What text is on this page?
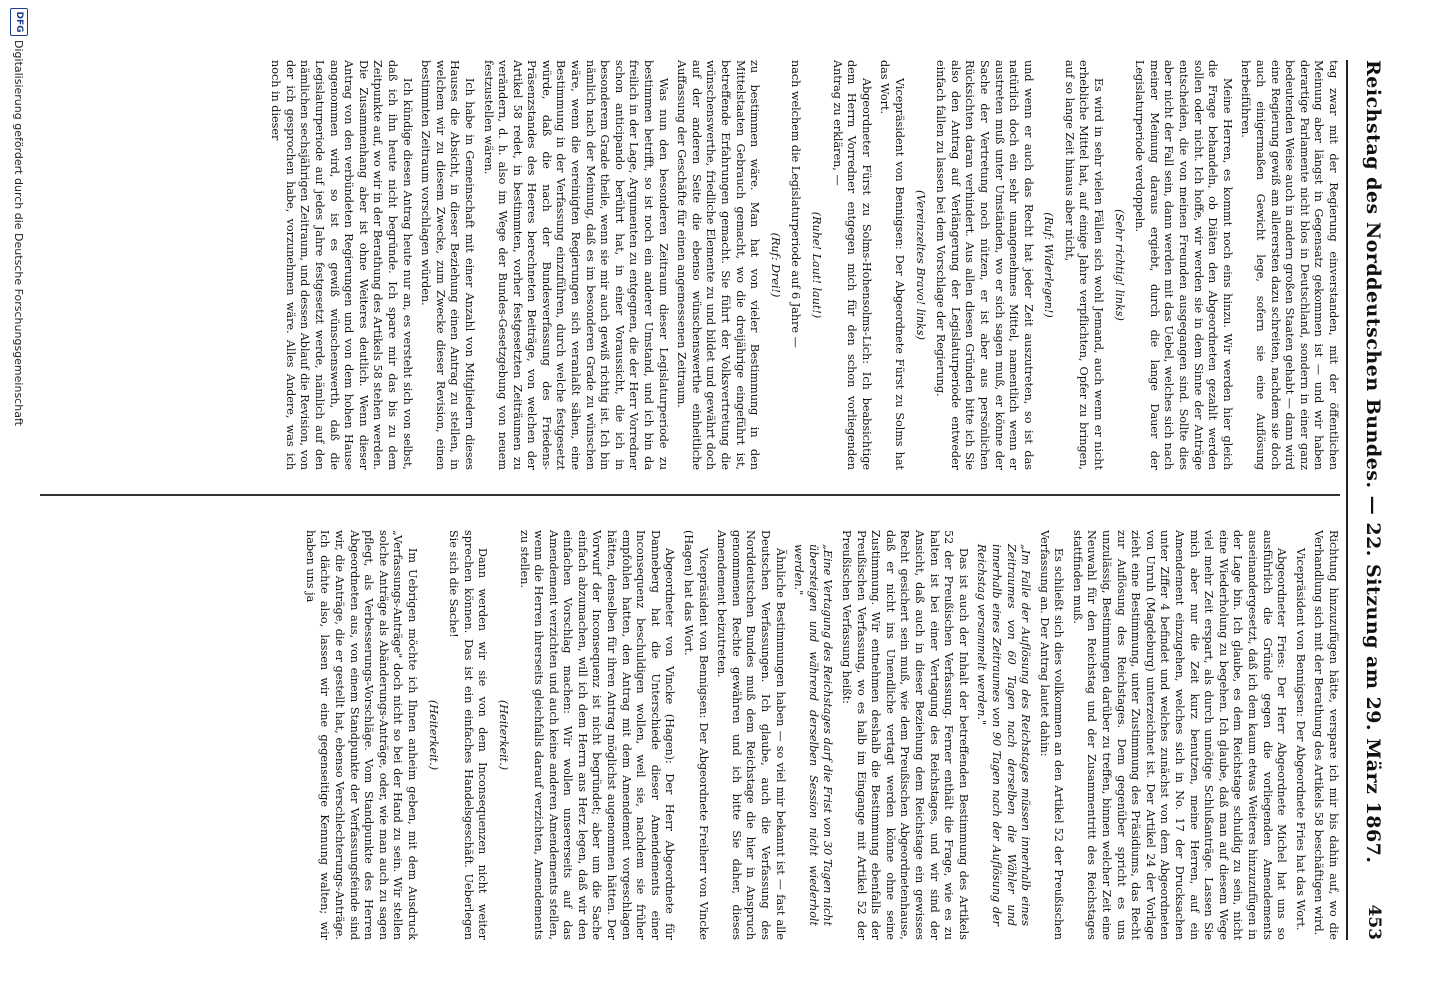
Reichstag des Norddeutschen Bundes. — 22. Sitzung am 29. März 1867.
453

tag zwar mit der Regierung einverstanden, mit der öffentlichen Meinung aber längst in Gegensatz gekommen ist — und wir haben derartige Parlamente nicht blos in Deutschland, sondern in einer ganz bedeutenden Weise auch in andern großen Staaten gehabt — dann wird eine Regierung gewiß am allerersten dazu schreiten, nachdem sie doch auch einigermaßen Gewicht lege, sofern sie eine Auflösung herbeiführen.

Meine Herren, es kommt noch eins hinzu. Wir werden hier gleich die Frage behandeln, ob Diäten den Abgeordneten gezahlt werden sollen oder nicht. Ich hoffe, wir werden sie in dem Sinne der Anträge entscheiden, die von meinen Freunden ausgegangen sind. Sollte dies aber nicht der Fall sein, dann werden mit das Uebel, welches sich nach meiner Meinung daraus ergiebt, durch die lange Dauer der Legislaturperiode verdoppeln.

(Sehr richtig! links)

Es wird in sehr vielen Fällen sich wohl Jemand, auch wenn er nicht erhebliche Mittel hat, auf einige Jahre verpflichten, Opfer zu bringen, auf so lange Zeit hinaus aber nicht,

(Ruf: Widerlegen!)

und wenn er auch das Recht hat jeder Zeit auszutreten, so ist das natürlich doch ein sehr unangenehmes Mittel, namentlich wenn er austreten muß unter Umständen, wo er sich sagen muß, er könne der Sache der Vertretung noch nützen, er ist aber aus persönlichen Rücksichten daran verhindert. Aus allen diesen Gründen bitte ich Sie also den Antrag auf Verlängerung der Legislaturperiode entweder einfach fallen zu lassen bei dem Vorschlage der Regierung.

(Vereinzeltes Bravo! links)

Vicepräsident von Bennigsen: Der Abgeordnete Fürst zu Solms hat das Wort.

Abgeordneter Fürst zu Solms-Hohensolms-Lich: Ich beabsichtige dem Herrn Vorredner entgegen mich für den schon vorliegenden Antrag zu erklären, —

(Ruhe! Laut! laut!)

nach welchem die Legislaturperiode auf 6 Jahre —

(Ruf: Drei!)

zu bestimmen wäre. Man hat von vieler Bestimmung in den Mittelstaaten Gebrauch gemacht, wo die dreijährige eingeführt ist, betreffende Erfahrungen gemacht. Sie führt der Volksvertretung die wünschenswerthe, friedliche Elemente zu und bildet und gewährt doch auf der anderen Seite die ebenso wünschenswerthe einheitliche Auffassung der Geschäfte für einen angemessenen Zeitraum.

Was nun den besonderen Zeitraum dieser Legislaturperiode zu bestimmen betrifft, so ist noch ein anderer Umstand, und ich bin da freilich in der Lage, Argumenten zu entgegnen, die der Herr Vorredner schon anticipando berührt hat, in einer Voraussicht, die ich in besonderem Grade theile, wenn sie mir auch gewiß richtig ist. Ich bin nämlich nach der Meinung, daß es im besonderen Grade zu wünschen wäre, wenn die vereinigten Regierungen sich veranlaßt sähen, eine Bestimmung in der Verfassung einzuführen, durch welche festgesetzt würde, daß die nach der Bundesverfassung des Friedens-Präsenzstandes des Heeres berechneten Beiträge, von welchen der Artikel 58 redet, in bestimmten, vorher festgesetzten Zeiträumen zu verändern, d. h. also im Wege der Bundes-Gesetzgebung von neuem festzustellen wären.

Ich habe in Gemeinschaft mit einer Anzahl von Mitgliedern dieses Hauses die Absicht, in dieser Beziehung einen Antrag zu stellen, in welchem wir zu diesem Zwecke, zum Zwecke dieser Revision, einen bestimmten Zeitraum vorschlagen würden.

Ich kündige diesen Antrag heute nur an, es versteht sich von selbst, daß ich ihn heute nicht begründe. Ich spare mir das bis zu dem Zeitpunkte auf, wo wir in der Berathung des Artikels 58 stehen werden. Die Zusammenhang aber ist ohne Weiteres deutlich. Wenn dieser Antrag von den verbündeten Regierungen und von dem hohen Hause angenommen wird, so ist es gewiß wünschenswerth, daß die Legislaturperiode auf jedes Jahre festgesetzt werde, nämlich auf den nämlichen sechsjährigen Zeitraum, und dessen Ablauf die Revision, von der ich gesprochen habe, vorzunehmen wäre. Alles Andere, was ich noch in dieser

Richtung hinzuzufügen hätte, verspare ich mir bis dahin auf, wo die Verhandlung sich mit der Berathung des Artikels 58 beschäftigen wird.

Vicepräsident von Bennigsen: Der Abgeordnete Fries hat das Wort.

Abgeordneter Fries: Der Herr Abgeordnete Michel hat uns so ausführlich die Gründe gegen die vorliegenden Amendements auseinandergesetzt, daß ich dem kaum etwas Weiteres hinzuzufügen in der Lage bin. Ich glaube, es dem Reichstage schuldig zu sein, nicht eine Wiederholung zu begehen. Ich glaube, daß man auf diesem Wege viel mehr Zeit erspart, als durch unnötige Schlußanträge. Lassen Sie mich aber nur die Zeit kurz benutzen, meine Herren, auf ein Amendement einzugehen, welches sich in No. 17 der Drucksachen unter Ziffer 4 befindet und welches zunächst von dem Abgeordneten von Unruh (Magdeburg) unterzeichnet ist. Der Artikel 24 der Vorlage zieht eine Bestimmung, unter Zustimmung des Präsidiums, das Recht zur Auflösung des Reichstages. Dem gegenüber spricht es uns unzulässig, Bestimmungen darüber zu treffen, binnen welcher Zeit eine Neuwahl für den Reichstag und der Zusammentritt des Reichstages stattfinden muß.

Es schließt sich dies vollkommen an den Artikel 52 der Preußischen Verfassung an. Der Antrag lautet dahin:

„Im Falle der Auflösung des Reichstages müssen innerhalb eines Zeitraumes von 60 Tagen nach derselben die Wähler und innerhalb eines Zeitraumes von 90 Tagen nach der Auflösung der Reichstag versammelt werden."

Das ist auch der Inhalt der betreffenden Bestimmung des Artikels 52 der Preußischen Verfassung. Ferner enthält die Frage, wie es zu halten ist bei einer Vertagung des Reichstages, und wir sind der Ansicht, daß auch in dieser Beziehung dem Reichstage ein gewisses Recht gesichert sein muß, wie dem Preußischen Abgeordnetenhause, daß er nicht ins Unendliche vertagt werden könne ohne seine Zustimmung. Wir entnehmen deshalb die Bestimmung ebenfalls der Preußischen Verfassung, wo es halb im Eingange mit Artikel 52 der Preußischen Verfassung heißt:

„Eine Vertagung des Reichstages darf die Frist von 30 Tagen nicht übersteigen und während derselben Session nicht wiederholt werden."

Ähnliche Bestimmungen haben — so viel mir bekannt ist — fast alle Deutschen Verfassungen. Ich glaube, auch die Verfassung des Norddeutschen Bundes muß dem Reichstage die hier in Anspruch genommenen Rechte gewähren und ich bitte Sie daher, dieses Amendement beizutreten.

Vicepräsident von Bennigsen: Der Abgeordnete Freiherr von Vincke (Hagen) hat das Wort.

Abgeordneter von Vincke (Hagen): Der Herr Abgeordnete für Danneberg hat die Unterschiede dieser Amendements einer Inconsequenz beschuldigen wollen, weil sie, nachdem sie früher empfohlen hatten, den Antrag mit dem Amendement vorgeschlagen hätten, denselben für ihren Antrag möglichst augenommen hätten. Der Vorwurf der Inconsequenz ist nicht begründet; aber um die Sache einfach abzumachen, will ich dem Herrn ans Herz legen, daß wir den einfachen Vorschlag machen: Wir wollen unsererseits auf das Amendement verzichten und auch keine anderen Amendements stellen, wenn die Herren ihrerseits gleichfalls darauf verzichten, Amendements zu stellen.

(Heiterkeit.)

Dann werden wir sie von dem Inconsequenzen nicht weiter sprechen können. Das ist ein einfaches Handelsgeschäft. Ueberlegen Sie sich die Sache!

(Heiterkeit.)

Im Uebrigen möchte ich Ihnen anheim geben, mit dem Ausdruck „Verfassungs-Anträge" doch nicht so bei der Hand zu sein. Wir stellen solche Anträge als Abänderungs-Anträge, oder, wie man auch zu sagen pflegt, als Verbesserungs-Vorschläge. Vom Standpunkte des Herren Abgeordneten aus, von einem Standpunkte der Verfassungsfeinde sind wir, die Anträge, die er gestellt hat, ebenso Verschlechterungs-Anträge. Ich dächte also, lassen wir eine gegenseitige Kennung walten; wir haben uns ja

DFG
Digitalisierung gefördert durch die Deutsche Forschungsgemeinschaft
